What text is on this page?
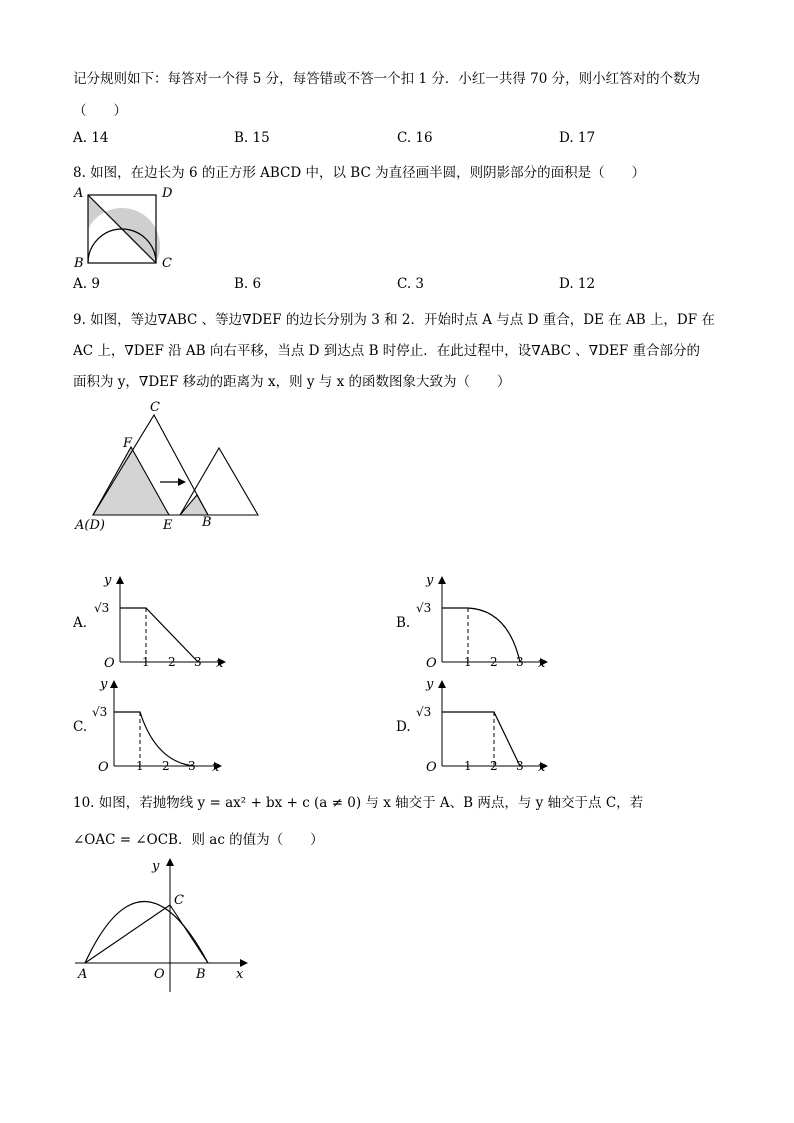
记分规则如下：每答对一个得 5 分，每答错或不答一个扣 1 分．小红一共得 70 分，则小红答对的个数为
（　　）
A. 14	B. 15	C. 16	D. 17
8. 如图，在边长为 6 的正方形 ABCD 中，以 BC 为直径画半圆，则阴影部分的面积是（　　）
A	D
B	C
A. 9	B. 6	C. 3	D. 12
9. 如图，等边∇ABC 、等边∇DEF 的边长分别为 3 和 2．开始时点 A 与点 D 重合，DE 在 AB 上，DF 在
AC 上，∇DEF 沿 AB 向右平移，当点 D 到达点 B 时停止．在此过程中，设∇ABC 、∇DEF 重合部分的
面积为 y，∇DEF 移动的距离为 x，则 y 与 x 的函数图象大致为（　　）
C
F
A(D)	E B
A.
√3
y
O 1 2 3 x
B.
√3
y
O 1 2 3 x
C.
√3
y
O 1 2 3 x
D.
√3
y
O 1 2 3 x
10. 如图，若抛物线 y = ax² + bx + c (a ≠ 0) 与 x 轴交于 A、B 两点，与 y 轴交于点 C，若
∠OAC = ∠OCB．则 ac 的值为（　　）
y
C
A	O B x
